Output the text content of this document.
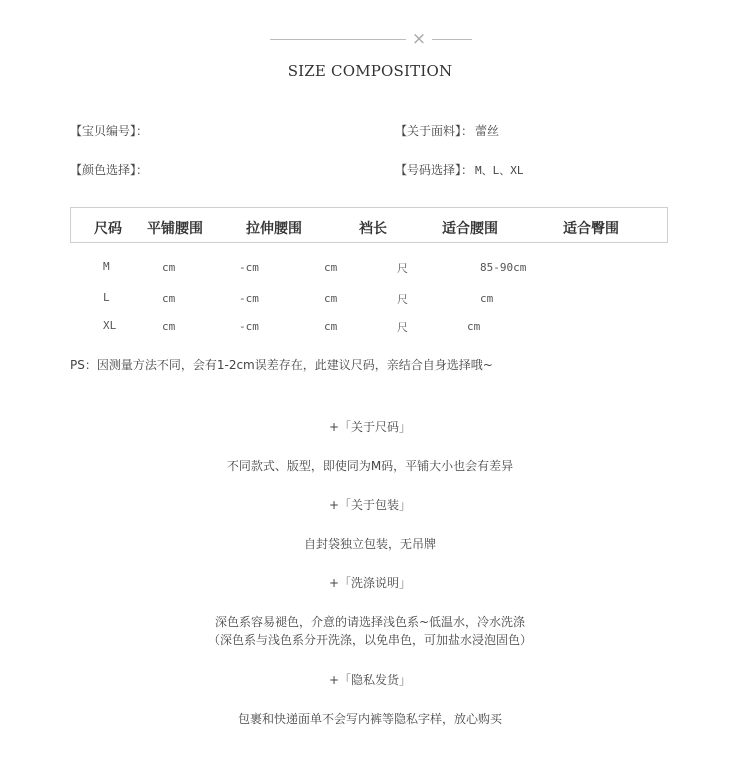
×
SIZE COMPOSITION
【宝贝编号】：	【关于面料】： 蕾丝
【颜色选择】：	【号码选择】： M、L、XL
尺码 平铺腰围	拉伸腰围	裆长	适合腰围	适合臀围
M	cm	-cm	cm	尺	85-90cm
L	cm	-cm	cm	尺	cm
XL	cm	-cm	cm	尺	cm
PS：因测量方法不同，会有1-2cm误差存在，此建议尺码，亲结合自身选择哦~
+「关于尺码」
不同款式、版型，即使同为M码，平铺大小也会有差异
+「关于包装」
自封袋独立包装，无吊牌
+「洗涤说明」
深色系容易褪色，介意的请选择浅色系~低温水，冷水洗涤
（深色系与浅色系分开洗涤，以免串色，可加盐水浸泡固色）
+「隐私发货」
包裹和快递面单不会写内裤等隐私字样，放心购买
